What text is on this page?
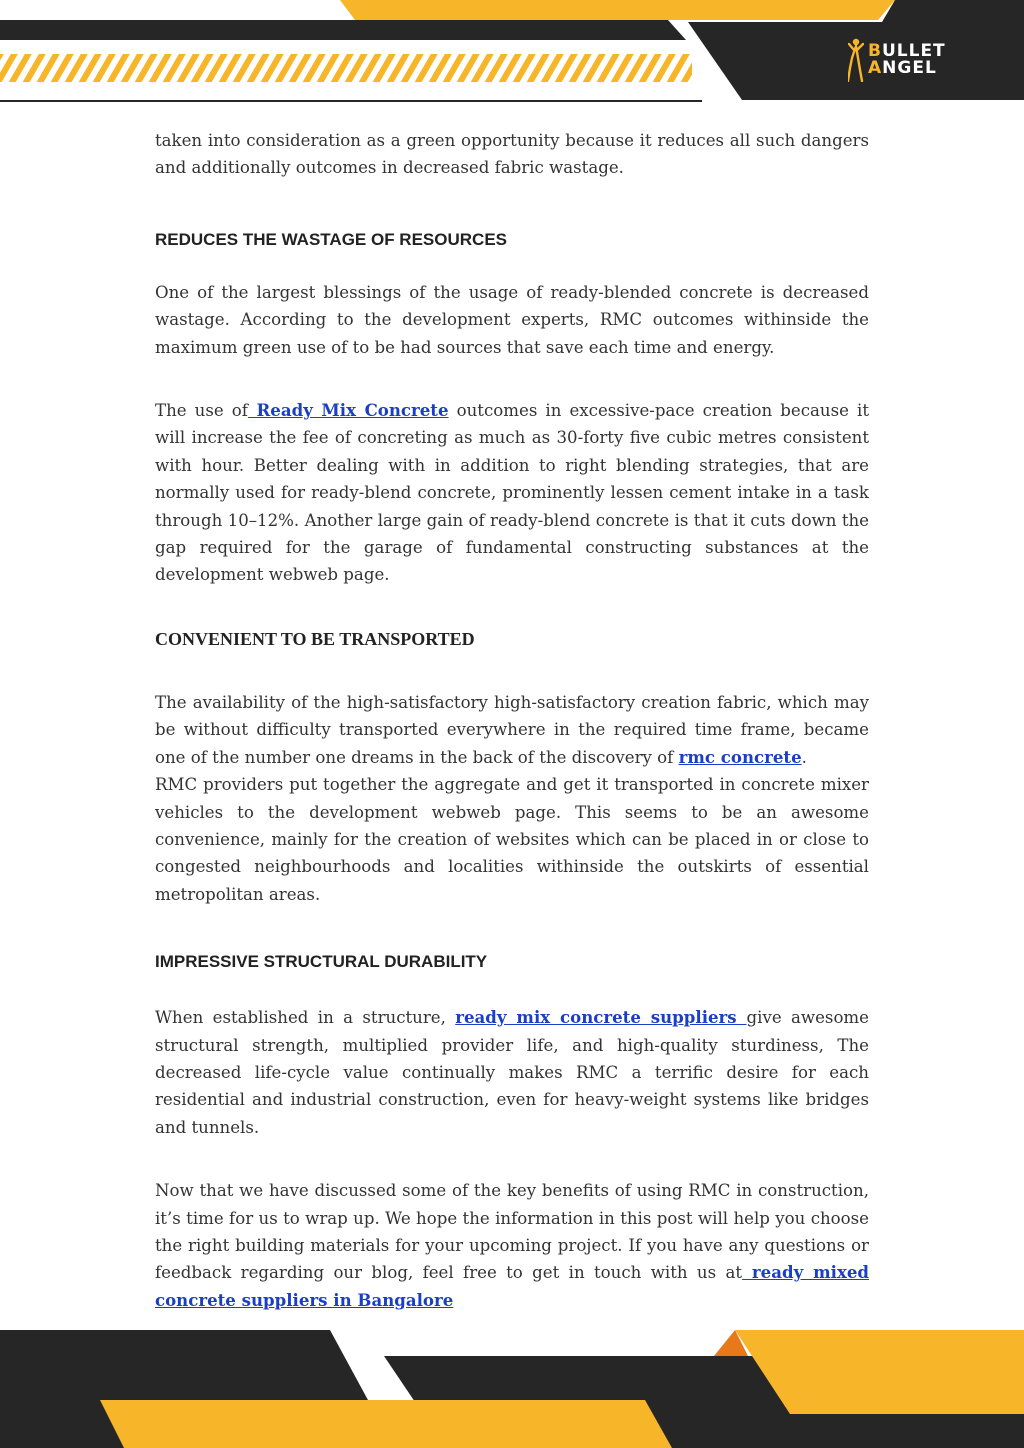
BULLET
ANGEL

taken into consideration as a green opportunity because it reduces all such dangers and additionally outcomes in decreased fabric wastage.

REDUCES THE WASTAGE OF RESOURCES

One of the largest blessings of the usage of ready-blended concrete is decreased wastage. According to the development experts, RMC outcomes withinside the maximum green use of to be had sources that save each time and energy.

The use of Ready Mix Concrete outcomes in excessive-pace creation because it will increase the fee of concreting as much as 30-forty five cubic metres consistent with hour. Better dealing with in addition to right blending strategies, that are normally used for ready-blend concrete, prominently lessen cement intake in a task through 10–12%. Another large gain of ready-blend concrete is that it cuts down the gap required for the garage of fundamental constructing substances at the development webweb page.

CONVENIENT TO BE TRANSPORTED

The availability of the high-satisfactory high-satisfactory creation fabric, which may be without difficulty transported everywhere in the required time frame, became one of the number one dreams in the back of the discovery of rmc concrete.

RMC providers put together the aggregate and get it transported in concrete mixer vehicles to the development webweb page. This seems to be an awesome convenience, mainly for the creation of websites which can be placed in or close to congested neighbourhoods and localities withinside the outskirts of essential metropolitan areas.

IMPRESSIVE STRUCTURAL DURABILITY

When established in a structure, ready mix concrete suppliers give awesome structural strength, multiplied provider life, and high-quality sturdiness, The decreased life-cycle value continually makes RMC a terrific desire for each residential and industrial construction, even for heavy-weight systems like bridges and tunnels.

Now that we have discussed some of the key benefits of using RMC in construction, it’s time for us to wrap up. We hope the information in this post will help you choose the right building materials for your upcoming project. If you have any questions or feedback regarding our blog, feel free to get in touch with us at ready mixed concrete suppliers in Bangalore
